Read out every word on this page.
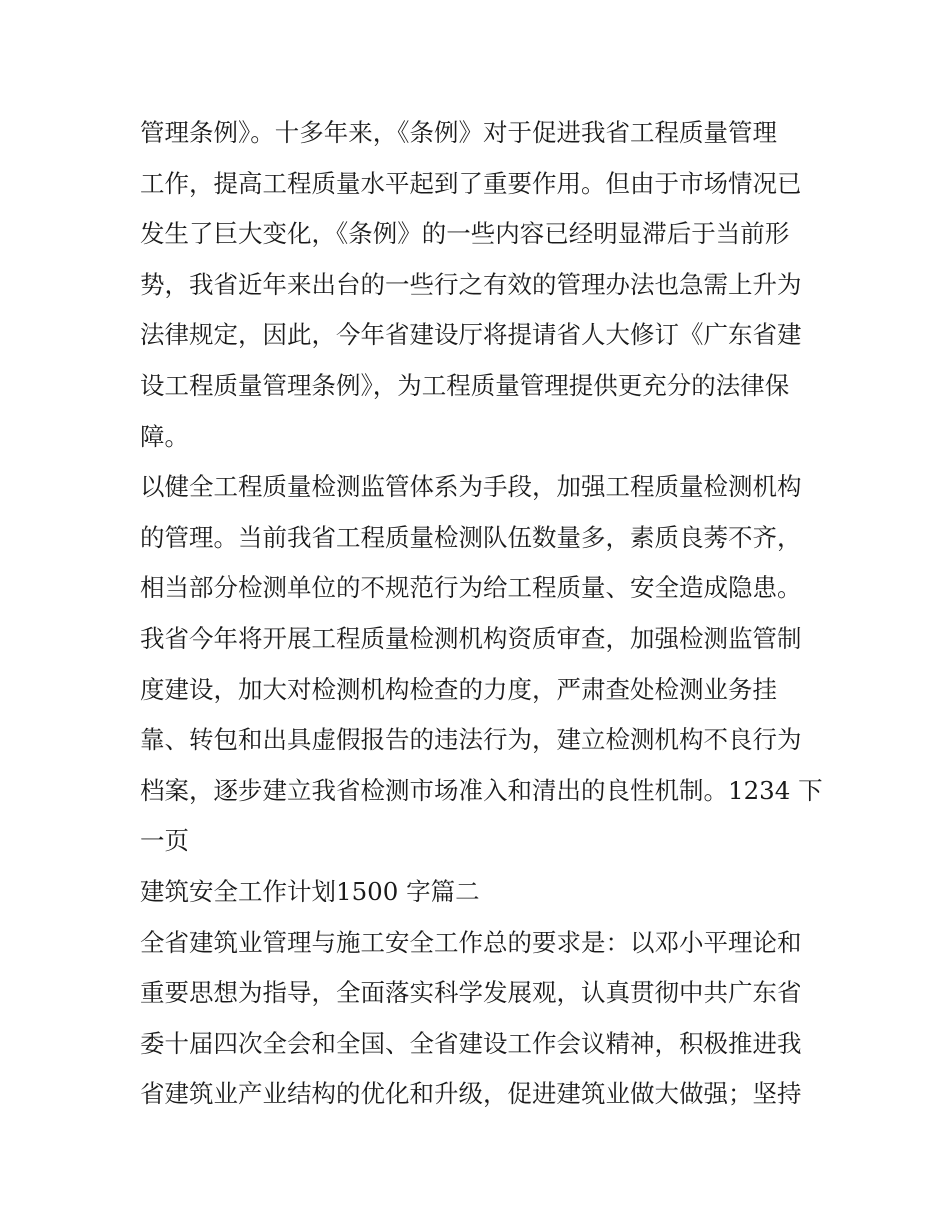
管理条例》。十多年来，《条例》对于促进我省工程质量管理
工作，提高工程质量水平起到了重要作用。但由于市场情况已
发生了巨大变化，《条例》的一些内容已经明显滞后于当前形
势，我省近年来出台的一些行之有效的管理办法也急需上升为
法律规定，因此，今年省建设厅将提请省人大修订《广东省建
设工程质量管理条例》，为工程质量管理提供更充分的法律保
障。
以健全工程质量检测监管体系为手段，加强工程质量检测机构
的管理。当前我省工程质量检测队伍数量多，素质良莠不齐，
相当部分检测单位的不规范行为给工程质量、安全造成隐患。
我省今年将开展工程质量检测机构资质审查，加强检测监管制
度建设，加大对检测机构检查的力度，严肃查处检测业务挂
靠、转包和出具虚假报告的违法行为，建立检测机构不良行为
档案，逐步建立我省检测市场准入和清出的良性机制。1234 下
一页
建筑安全工作计划1500 字篇二
全省建筑业管理与施工安全工作总的要求是：以邓小平理论和
重要思想为指导，全面落实科学发展观，认真贯彻中共广东省
委十届四次全会和全国、全省建设工作会议精神，积极推进我
省建筑业产业结构的优化和升级，促进建筑业做大做强；坚持
